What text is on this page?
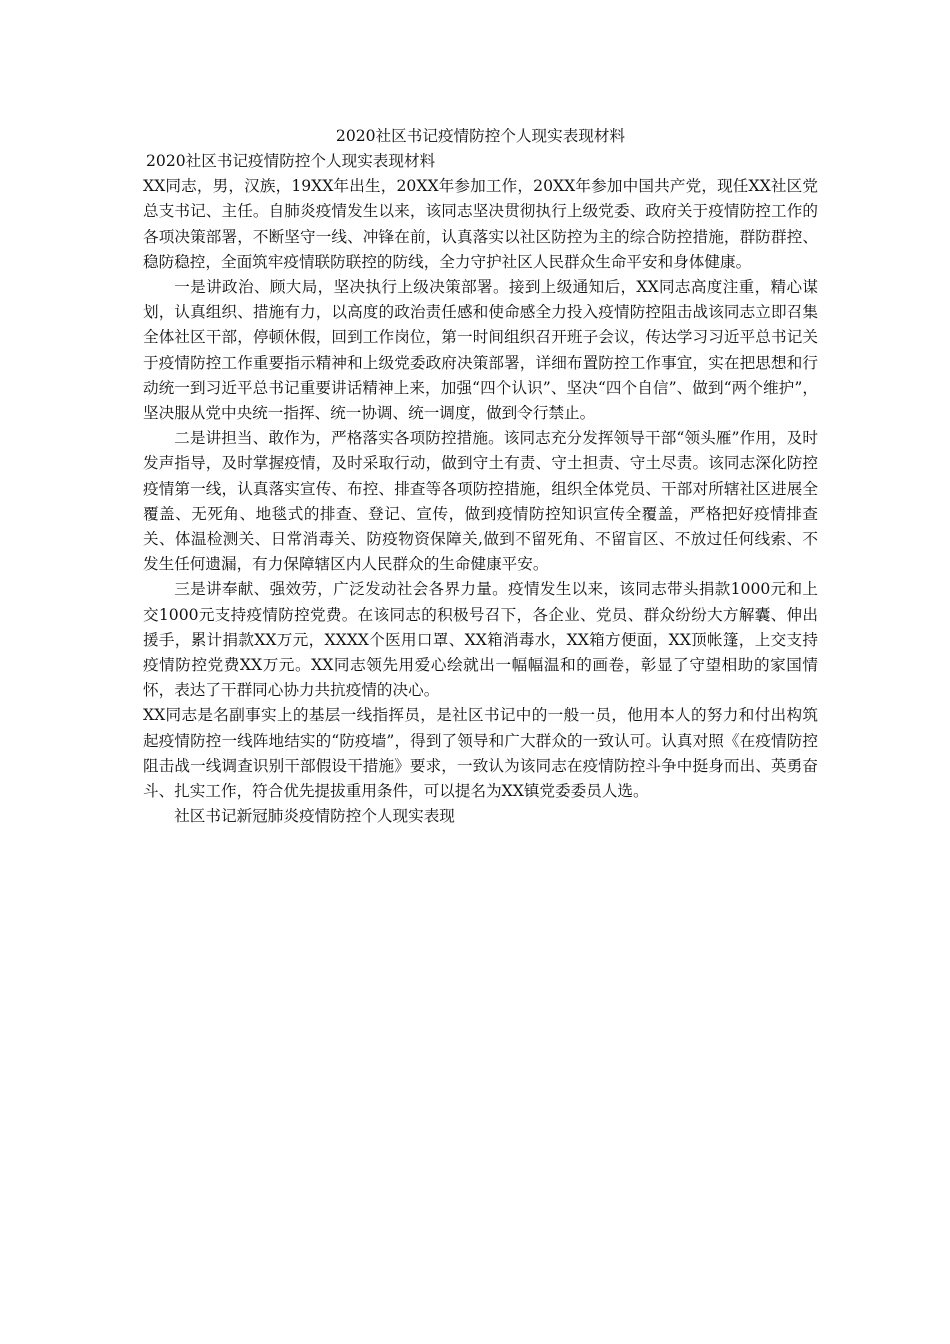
2020社区书记疫情防控个人现实表现材料
2020社区书记疫情防控个人现实表现材料

XX同志，男，汉族，19XX年出生，20XX年参加工作，20XX年参加中国共产党，现任XX社区党总支书记、主任。自肺炎疫情发生以来，该同志坚决贯彻执行上级党委、政府关于疫情防控工作的各项决策部署，不断坚守一线、冲锋在前，认真落实以社区防控为主的综合防控措施，群防群控、稳防稳控，全面筑牢疫情联防联控的防线，全力守护社区人民群众生命平安和身体健康。

一是讲政治、顾大局，坚决执行上级决策部署。接到上级通知后，XX同志高度注重，精心谋划，认真组织、措施有力，以高度的政治责任感和使命感全力投入疫情防控阻击战该同志立即召集全体社区干部，停顿休假，回到工作岗位，第一时间组织召开班子会议，传达学习习近平总书记关于疫情防控工作重要指示精神和上级党委政府决策部署，详细布置防控工作事宜，实在把思想和行动统一到习近平总书记重要讲话精神上来，加强“四个认识”、坚决“四个自信”、做到“两个维护”，坚决服从党中央统一指挥、统一协调、统一调度，做到令行禁止。

二是讲担当、敢作为，严格落实各项防控措施。该同志充分发挥领导干部“领头雁”作用，及时发声指导，及时掌握疫情，及时采取行动，做到守土有责、守土担责、守土尽责。该同志深化防控疫情第一线，认真落实宣传、布控、排查等各项防控措施，组织全体党员、干部对所辖社区进展全覆盖、无死角、地毯式的排查、登记、宣传，做到疫情防控知识宣传全覆盖，严格把好疫情排查关、体温检测关、日常消毒关、防疫物资保障关,做到不留死角、不留盲区、不放过任何线索、不发生任何遗漏，有力保障辖区内人民群众的生命健康平安。

三是讲奉献、强效劳，广泛发动社会各界力量。疫情发生以来，该同志带头捐款1000元和上交1000元支持疫情防控党费。在该同志的积极号召下，各企业、党员、群众纷纷大方解囊、伸出援手，累计捐款XX万元，XXXX个医用口罩、XX箱消毒水，XX箱方便面，XX顶帐篷，上交支持疫情防控党费XX万元。XX同志领先用爱心绘就出一幅幅温和的画卷，彰显了守望相助的家国情怀，表达了干群同心协力共抗疫情的决心。

XX同志是名副事实上的基层一线指挥员，是社区书记中的一般一员，他用本人的努力和付出构筑起疫情防控一线阵地结实的“防疫墙”，得到了领导和广大群众的一致认可。认真对照《在疫情防控阻击战一线调查识别干部假设干措施》要求，一致认为该同志在疫情防控斗争中挺身而出、英勇奋斗、扎实工作，符合优先提拔重用条件，可以提名为XX镇党委委员人选。

社区书记新冠肺炎疫情防控个人现实表现
